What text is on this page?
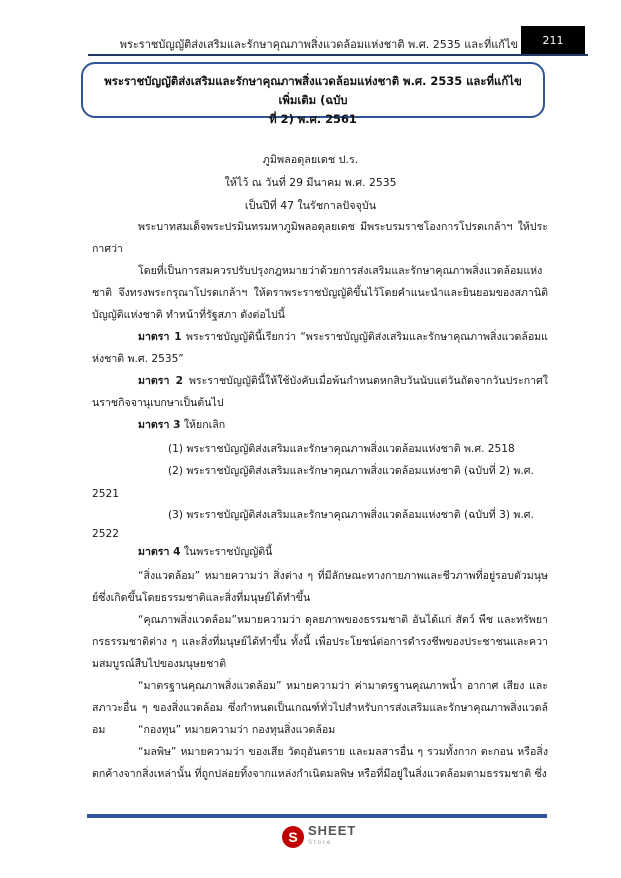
พระราชบัญญัติส่งเสริมและรักษาคุณภาพสิ่งแวดล้อมแห่งชาติ พ.ศ. 2535 และที่แก้ไข	211
พระราชบัญญัติส่งเสริมและรักษาคุณภาพสิ่งแวดล้อมแห่งชาติ พ.ศ. 2535 และที่แก้ไขเพิ่มเติม (ฉบับ
ที่ 2) พ.ศ. 2561
ภูมิพลอดุลยเดช ป.ร.
ให้ไว้ ณ วันที่ 29 มีนาคม พ.ศ. 2535
เป็นปีที่ 47 ในรัชกาลปัจจุบัน
พระบาทสมเด็จพระปรมินทรมหาภูมิพลอดุลยเดช มีพระบรมราชโองการโปรดเกล้าฯ ให้ประกาศว่า
โดยที่เป็นการสมควรปรับปรุงกฎหมายว่าด้วยการส่งเสริมและรักษาคุณภาพสิ่งแวดล้อมแห่งชาติ จึงทรงพระกรุณาโปรดเกล้าฯ ให้ตราพระราชบัญญัติขึ้นไว้โดยคำแนะนำและยินยอมของสภานิติบัญญัติแห่งชาติ ทำหน้าที่รัฐสภา ดังต่อไปนี้
มาตรา 1 พระราชบัญญัตินี้เรียกว่า “พระราชบัญญัติส่งเสริมและรักษาคุณภาพสิ่งแวดล้อมแห่งชาติ พ.ศ. 2535”
มาตรา 2 พระราชบัญญัตินี้ให้ใช้บังคับเมื่อพ้นกำหนดหกสิบวันนับแต่วันถัดจากวันประกาศในราชกิจจานุเบกษาเป็นต้นไป
มาตรา 3 ให้ยกเลิก
(1) พระราชบัญญัติส่งเสริมและรักษาคุณภาพสิ่งแวดล้อมแห่งชาติ พ.ศ. 2518
(2) พระราชบัญญัติส่งเสริมและรักษาคุณภาพสิ่งแวดล้อมแห่งชาติ (ฉบับที่ 2) พ.ศ.
2521
(3) พระราชบัญญัติส่งเสริมและรักษาคุณภาพสิ่งแวดล้อมแห่งชาติ (ฉบับที่ 3) พ.ศ.
2522
มาตรา 4 ในพระราชบัญญัตินี้
“สิ่งแวดล้อม” หมายความว่า สิ่งต่าง ๆ ที่มีลักษณะทางกายภาพและชีวภาพที่อยู่รอบตัวมนุษย์ซึ่งเกิดขึ้นโดยธรรมชาติและสิ่งที่มนุษย์ได้ทำขึ้น
“คุณภาพสิ่งแวดล้อม”หมายความว่า ดุลยภาพของธรรมชาติ อันได้แก่ สัตว์ พืช และทรัพยากรธรรมชาติต่าง ๆ และสิ่งที่มนุษย์ได้ทำขึ้น ทั้งนี้ เพื่อประโยชน์ต่อการดำรงชีพของประชาชนและความสมบูรณ์สืบไปของมนุษยชาติ
“มาตรฐานคุณภาพสิ่งแวดล้อม” หมายความว่า ค่ามาตรฐานคุณภาพน้ำ อากาศ เสียง และสภาวะอื่น ๆ ของสิ่งแวดล้อม ซึ่งกำหนดเป็นเกณฑ์ทั่วไปสำหรับการส่งเสริมและรักษาคุณภาพสิ่งแวดล้อม	“กองทุน” หมายความว่า กองทุนสิ่งแวดล้อม
“มลพิษ” หมายความว่า ของเสีย วัตถุอันตราย และมลสารอื่น ๆ รวมทั้งกาก ตะกอน หรือสิ่งตกค้างจากสิ่งเหล่านั้น ที่ถูกปล่อยทิ้งจากแหล่งกำเนิดมลพิษ หรือที่มีอยู่ในสิ่งแวดล้อมตามธรรมชาติ ซึ่ง
S SHEET
Store
